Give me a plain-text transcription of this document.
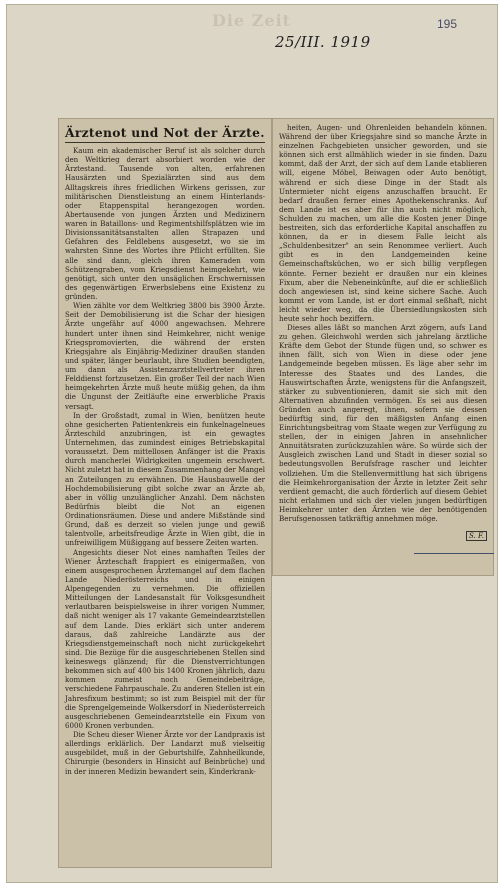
Die Zeit	195
25/III. 1919
Ärztenot und Not der Ärzte.

Kaum ein akademischer Beruf ist als solcher durch den Weltkrieg derart absorbiert worden wie der Ärztestand. Tausende von alten, erfahrenen Hausärzten und Spezialärzten sind aus dem Alltagskreis ihres friedlichen Wirkens gerissen, zur militärischen Dienstleistung an einem Hinterlands- oder Etappenspital herangezogen worden. Abertausende von jungen Ärzten und Medizinern waren in Bataillons- und Regimentshilfsplätzen wie im Divisionssanitätsanstalten allen Strapazen und Gefahren des Feldlebens ausgesetzt, wo sie im wahrsten Sinne des Wortes ihre Pflicht erfüllten. Sie alle sind dann, gleich ihren Kameraden vom Schützengraben, vom Kriegsdienst heimgekehrt, wie genötigt, sich unter den unsäglichen Erschwernissen des gegenwärtigen Erwerbslebens eine Existenz zu gründen.

Wien zählte vor dem Weltkrieg 3800 bis 3900 Ärzte. Seit der Demobilisierung ist die Schar der hiesigen Ärzte ungefähr auf 4000 angewachsen. Mehrere hundert unter ihnen sind Heimkehrer, nicht wenige Kriegspromovierten, die während der ersten Kriegsjahre als Einjährig-Mediziner draußen standen und später, länger beurlaubt, ihre Studien beendigten, um dann als Assistenzarztstellvertreter ihren Felddienst fortzusetzen. Ein großer Teil der nach Wien heimgekehrten Ärzte muß heute müßig gehen, da ihm die Ungunst der Zeitläufte eine erwerbliche Praxis versagt.

In der Großstadt, zumal in Wien, benützen heute ohne gesicherten Patientenkreis ein funkelnagelneues Ärzteschild anzubringen, ist ein gewagtes Unternehmen, das zumindest einiges Betriebskapital voraussetzt. Dem mittellosen Anfänger ist die Praxis durch mancherlei Widrigkeiten ungemein erschwert. Nicht zuletzt hat in diesem Zusammenhang der Mangel an Zuteilungen zu erwähnen. Die Hausbauwelle der Hochdemobilisierung gibt solche zwar an Ärzte ab, aber in völlig unzulänglicher Anzahl. Dem nächsten Bedürfnis bleibt die Not an eigenen Ordinationsräumen. Diese und andere Mißstände sind Grund, daß es derzeit so vielen junge und gewiß talentvolle, arbeitsfreudige Ärzte in Wien gibt, die in unfreiwilligem Müßiggang auf bessere Zeiten warten.

Angesichts dieser Not eines namhaften Teiles der Wiener Ärzteschaft frappiert es einigermaßen, von einem ausgesprochenen Ärztemangel auf dem flachen Lande Niederösterreichs und in einigen Alpengegenden zu vernehmen. Die offiziellen Mitteilungen der Landesanstalt für Volksgesundheit verlautbaren beispielsweise in ihrer vorigen Nummer, daß nicht weniger als 17 vakante Gemeindearztstellen auf dem Lande. Dies erklärt sich unter anderem daraus, daß zahlreiche Landärzte aus der Kriegsdienstgemeinschaft noch nicht zurückgekehrt sind. Die Bezüge für die ausgeschriebenen Stellen sind keineswegs glänzend; für die Dienstverrichtungen bekommen sich auf 400 bis 1400 Kronen jährlich, dazu kommen zumeist noch Gemeindebeiträge, verschiedene Fahrpauschale. Zu anderen Stellen ist ein Jahresfixum bestimmt; so ist zum Beispiel mit der für die Sprengelgemeinde Wolkersdorf in Niederösterreich ausgeschriebenen Gemeindearztstelle ein Fixum von 6000 Kronen verbunden.

Die Scheu dieser Wiener Ärzte vor der Landpraxis ist allerdings erklärlich. Der Landarzt muß vielseitig ausgebildet, muß in der Geburtshilfe, Zahnheilkunde, Chirurgie (besonders in Hinsicht auf Beinbrüche) und in der inneren Medizin bewandert sein, Kinderkrank-

heiten, Augen- und Ohrenleiden behandeln können. Während der über Kriegsjahre sind so manche Ärzte in einzelnen Fachgebieten unsicher geworden, und sie können sich erst allmählich wieder in sie finden. Dazu kommt, daß der Arzt, der sich auf dem Lande etablieren will, eigene Möbel, Beiwagen oder Auto benötigt, während er sich diese Dinge in der Stadt als Untermieter nicht eigens anzuschaffen braucht. Er bedarf draußen ferner eines Apothekenschranks. Auf dem Lande ist es aber für ihn auch nicht möglich, Schulden zu machen, um alle die Kosten jener Dinge bestreiten, sich das erforderliche Kapital anschaffen zu können, da er in diesem Falle leicht als „Schuldenbesitzer" an sein Renommee verliert. Auch gibt es in den Landgemeinden keine Gemeinschaftsküchen, wo er sich billig verpflegen könnte. Ferner bezieht er draußen nur ein kleines Fixum, aber die Nebeneinkünfte, auf die er schließlich doch angewiesen ist, sind keine sichere Sache. Auch kommt er vom Lande, ist er dort einmal seßhaft, nicht leicht wieder weg, da die Übersiedlungskosten sich heute sehr hoch beziffern.

Dieses alles läßt so manchen Arzt zögern, aufs Land zu gehen. Gleichwohl werden sich jahrelang ärztliche Kräfte dem Gebot der Stunde fügen und, so schwer es ihnen fällt, sich von Wien in diese oder jene Landgemeinde begeben müssen. Es läge aber sehr im Interesse des Staates und des Landes, die Hauswirtschaften Ärzte, wenigstens für die Anfangszeit, stärker zu subventionieren, damit sie sich mit den Alternativen abzufinden vermögen. Es sei aus diesen Gründen auch angeregt, ihnen, sofern sie dessen bedürftig sind, für den mäßigsten Anfang einen Einrichtungsbeitrag vom Staate wegen zur Verfügung zu stellen, der in einigen Jahren in ansehnlicher Annuitätsraten zurückzuzahlen wäre. So würde sich der Ausgleich zwischen Land und Stadt in dieser sozial so bedeutungsvollen Berufsfrage rascher und leichter vollziehen. Um die Stellenvermittlung hat sich übrigens die Heimkehrorganisation der Ärzte in letzter Zeit sehr verdient gemacht, die auch förderlich auf diesem Gebiet nicht erlahmen und sich der vielen jungen bedürftigen Heimkehrer unter den Ärzten wie der benötigenden Berufsgenossen tatkräftig annehmen möge.

S. F.
